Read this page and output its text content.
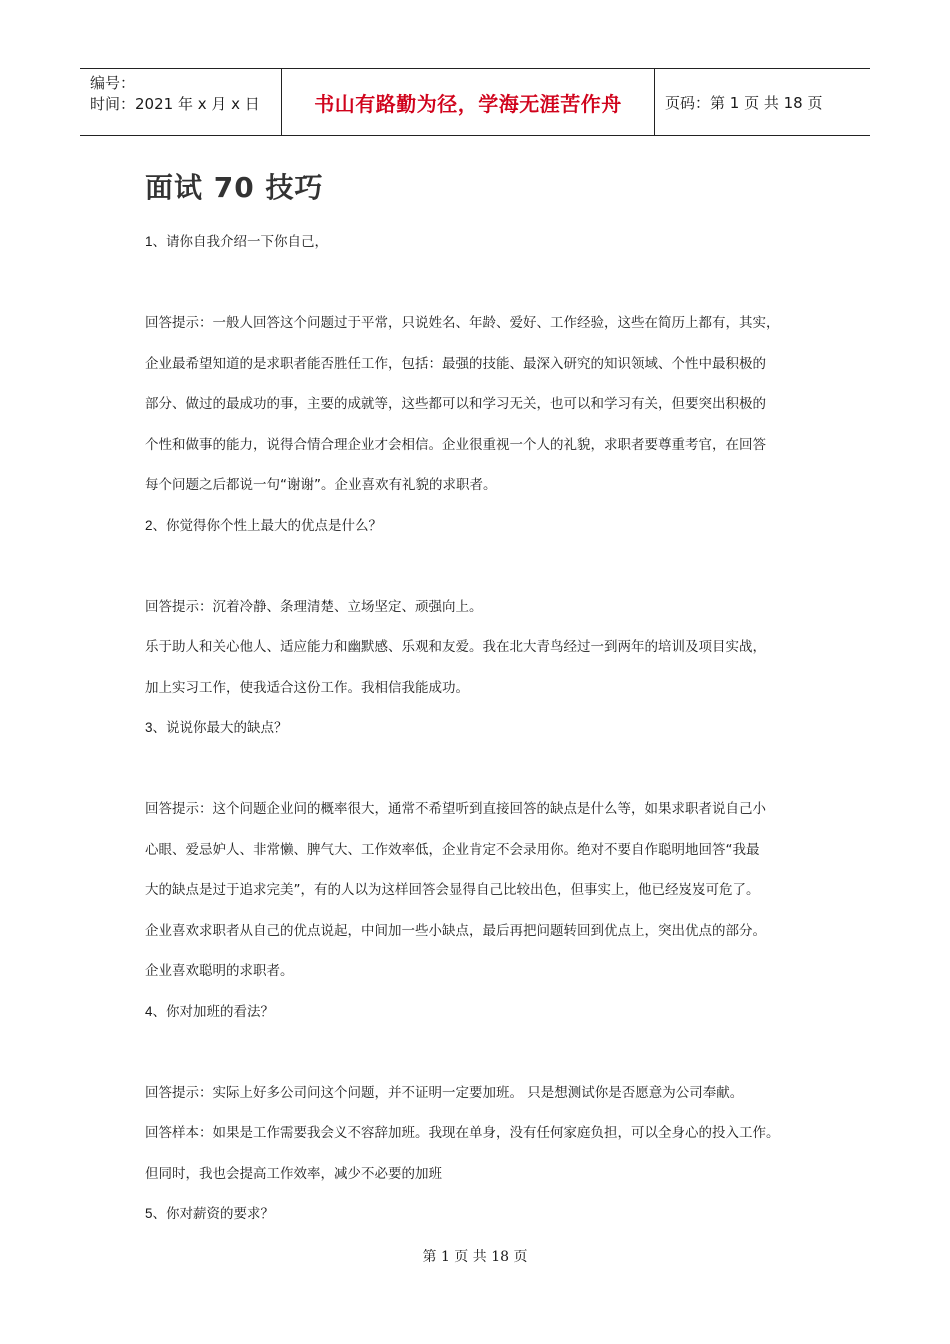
编号：
时间：2021 年 x 月 x 日	书山有路勤为径，学海无涯苦作舟	页码：第 1 页 共 18 页
面试 70 技巧
1、请你自我介绍一下你自己，
回答提示：一般人回答这个问题过于平常，只说姓名、年龄、爱好、工作经验，这些在简历上都有，其实，
企业最希望知道的是求职者能否胜任工作，包括：最强的技能、最深入研究的知识领域、个性中最积极的
部分、做过的最成功的事，主要的成就等，这些都可以和学习无关，也可以和学习有关，但要突出积极的
个性和做事的能力，说得合情合理企业才会相信。企业很重视一个人的礼貌，求职者要尊重考官，在回答
每个问题之后都说一句“谢谢”。企业喜欢有礼貌的求职者。
2、你觉得你个性上最大的优点是什么？
回答提示：沉着冷静、条理清楚、立场坚定、顽强向上。
乐于助人和关心他人、适应能力和幽默感、乐观和友爱。我在北大青鸟经过一到两年的培训及项目实战，
加上实习工作，使我适合这份工作。我相信我能成功。
3、说说你最大的缺点？
回答提示：这个问题企业问的概率很大，通常不希望听到直接回答的缺点是什么等，如果求职者说自己小
心眼、爱忌妒人、非常懒、脾气大、工作效率低，企业肯定不会录用你。绝对不要自作聪明地回答“我最
大的缺点是过于追求完美”，有的人以为这样回答会显得自己比较出色，但事实上，他已经岌岌可危了。
企业喜欢求职者从自己的优点说起，中间加一些小缺点，最后再把问题转回到优点上，突出优点的部分。
企业喜欢聪明的求职者。
4、你对加班的看法？
回答提示：实际上好多公司问这个问题，并不证明一定要加班。 只是想测试你是否愿意为公司奉献。
回答样本：如果是工作需要我会义不容辞加班。我现在单身，没有任何家庭负担，可以全身心的投入工作。
但同时，我也会提高工作效率，减少不必要的加班
5、你对薪资的要求？
第 1 页 共 18 页
